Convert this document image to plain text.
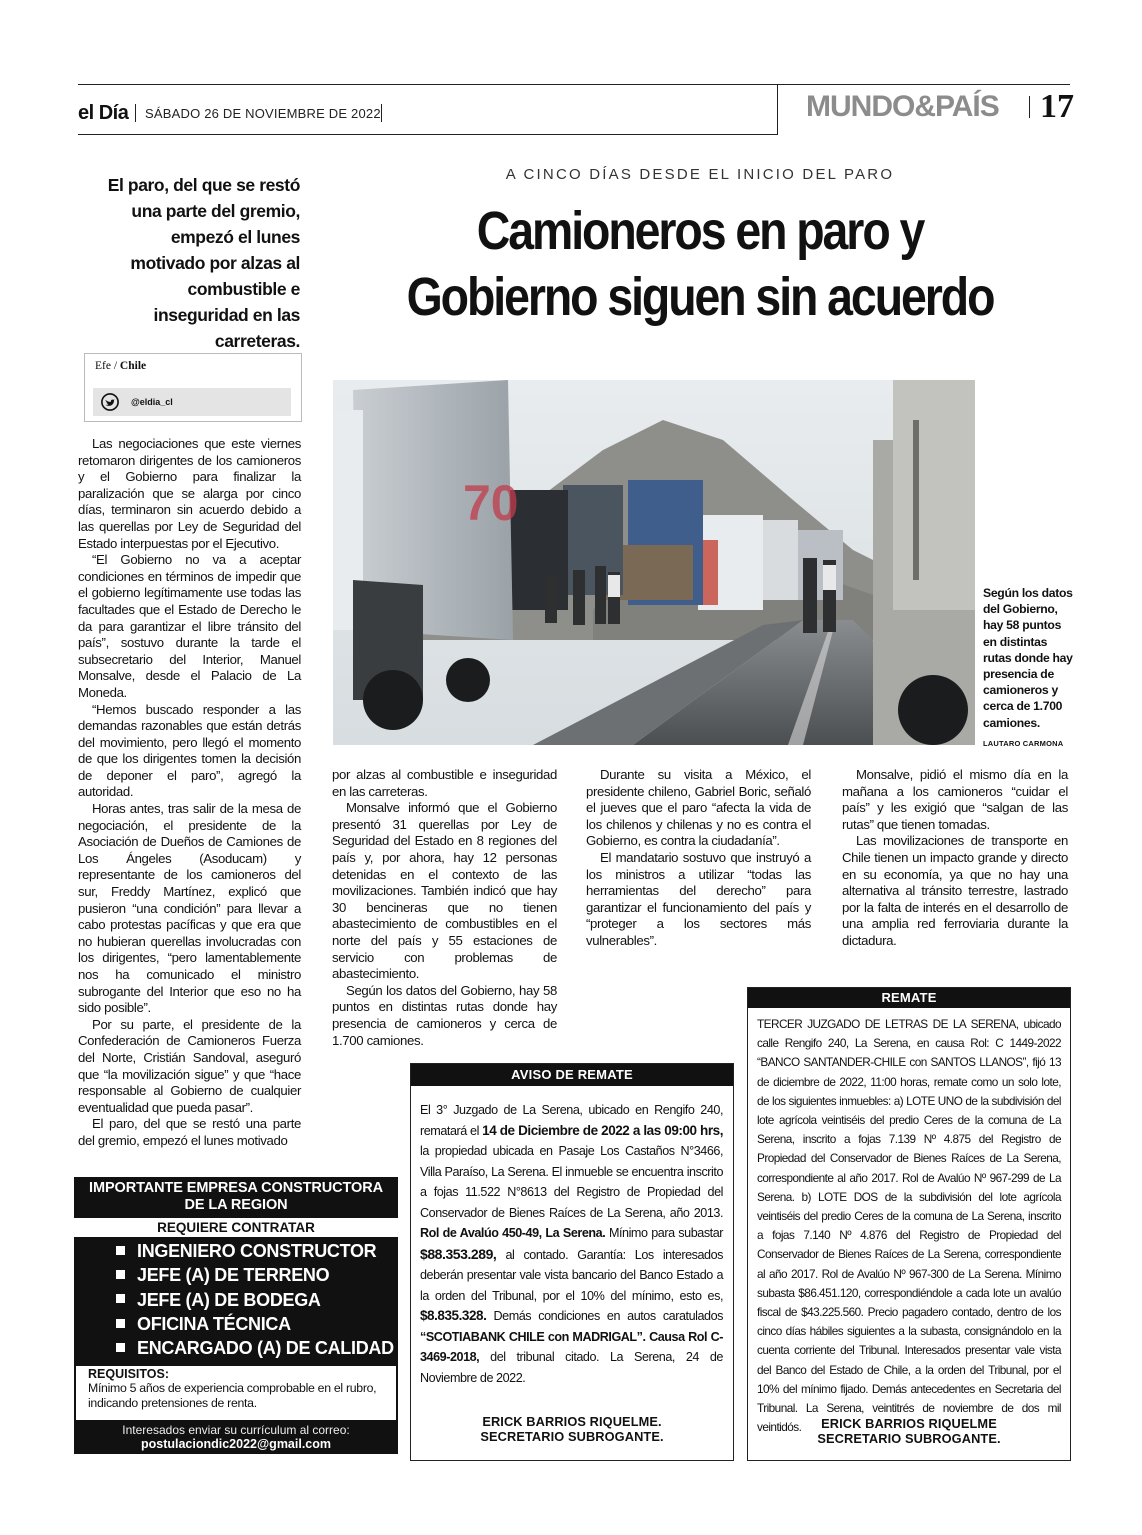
el Día SÁBADO 26 DE NOVIEMBRE DE 2022	MUNDO&PAÍS 17
El paro, del que se restó una parte del gremio, empezó el lunes motivado por alzas al combustible e inseguridad en las carreteras.
A CINCO DÍAS DESDE EL INICIO DEL PARO
Camioneros en paro y
Gobierno siguen sin acuerdo
Efe / Chile
@eldia_cl
70
Según los datos del Gobierno, hay 58 puntos en distintas rutas donde hay presencia de camioneros y cerca de 1.700 camiones.
LAUTARO CARMONA

Las negociaciones que este viernes retomaron dirigentes de los camioneros y el Gobierno para finalizar la paralización que se alarga por cinco días, terminaron sin acuerdo debido a las querellas por Ley de Seguridad del Estado interpuestas por el Ejecutivo.

“El Gobierno no va a aceptar condiciones en términos de impedir que el gobierno legítimamente use todas las facultades que el Estado de Derecho le da para garantizar el libre tránsito del país”, sostuvo durante la tarde el subsecretario del Interior, Manuel Monsalve, desde el Palacio de La Moneda.

“Hemos buscado responder a las demandas razonables que están detrás del movimiento, pero llegó el momento de que los dirigentes tomen la decisión de deponer el paro”, agregó la autoridad.

Horas antes, tras salir de la mesa de negociación, el presidente de la Asociación de Dueños de Camiones de Los Ángeles (Asoducam) y representante de los camioneros del sur, Freddy Martínez, explicó que pusieron “una condición” para llevar a cabo protestas pacíficas y que era que no hubieran querellas involucradas con los dirigentes, “pero lamentablemente nos ha comunicado el ministro subrogante del Interior que eso no ha sido posible”.

Por su parte, el presidente de la Confederación de Camioneros Fuerza del Norte, Cristián Sandoval, aseguró que “la movilización sigue” y que “hace responsable al Gobierno de cualquier eventualidad que pueda pasar”.

El paro, del que se restó una parte del gremio, empezó el lunes motivado

por alzas al combustible e inseguridad en las carreteras.

Monsalve informó que el Gobierno presentó 31 querellas por Ley de Seguridad del Estado en 8 regiones del país y, por ahora, hay 12 personas detenidas en el contexto de las movilizaciones. También indicó que hay 30 bencineras que no tienen abastecimiento de combustibles en el norte del país y 55 estaciones de servicio con problemas de abastecimiento.

Según los datos del Gobierno, hay 58 puntos en distintas rutas donde hay presencia de camioneros y cerca de 1.700 camiones.

Durante su visita a México, el presidente chileno, Gabriel Boric, señaló el jueves que el paro “afecta la vida de los chilenos y chilenas y no es contra el Gobierno, es contra la ciudadanía”.

El mandatario sostuvo que instruyó a los ministros a utilizar “todas las herramientas del derecho” para garantizar el funcionamiento del país y “proteger a los sectores más vulnerables”.

Monsalve, pidió el mismo día en la mañana a los camioneros “cuidar el país” y les exigió que “salgan de las rutas” que tienen tomadas.

Las movilizaciones de transporte en Chile tienen un impacto grande y directo en su economía, ya que no hay una alternativa al tránsito terrestre, lastrado por la falta de interés en el desarrollo de una amplia red ferroviaria durante la dictadura.

IMPORTANTE EMPRESA CONSTRUCTORA
DE LA REGION
REQUIERE CONTRATAR
INGENIERO CONSTRUCTOR
JEFE (A) DE TERRENO
JEFE (A) DE BODEGA
OFICINA TÉCNICA
ENCARGADO (A) DE CALIDAD
REQUISITOS:
Mínimo 5 años de experiencia comprobable en el rubro, indicando pretensiones de renta.
Interesados enviar su currículum al correo:
postulaciondic2022@gmail.com
AVISO DE REMATE
El 3° Juzgado de La Serena, ubicado en Rengifo 240, rematará el 14 de Diciembre de 2022 a las 09:00 hrs, la propiedad ubicada en Pasaje Los Castaños N°3466, Villa Paraíso, La Serena. El inmueble se encuentra inscrito a fojas 11.522 N°8613 del Registro de Propiedad del Conservador de Bienes Raíces de La Serena, año 2013. Rol de Avalúo 450-49, La Serena. Mínimo para subastar $88.353.289, al contado. Garantía: Los interesados deberán presentar vale vista bancario del Banco Estado a la orden del Tribunal, por el 10% del mínimo, esto es, $8.835.328. Demás condiciones en autos caratulados “SCOTIABANK CHILE con MADRIGAL”. Causa Rol C-3469-2018, del tribunal citado. La Serena, 24 de Noviembre de 2022.
ERICK BARRIOS RIQUELME.
SECRETARIO SUBROGANTE.
REMATE
TERCER JUZGADO DE LETRAS DE LA SERENA, ubicado calle Rengifo 240, La Serena, en causa Rol: C 1449-2022 “BANCO SANTANDER-CHILE con SANTOS LLANOS”, fijó 13 de diciembre de 2022, 11:00 horas, remate como un solo lote, de los siguientes inmuebles: a) LOTE UNO de la subdivisión del lote agrícola veintiséis del predio Ceres de la comuna de La Serena, inscrito a fojas 7.139 Nº 4.875 del Registro de Propiedad del Conservador de Bienes Raíces de La Serena, correspondiente al año 2017. Rol de Avalúo Nº 967-299 de La Serena. b) LOTE DOS de la subdivisión del lote agrícola veintiséis del predio Ceres de la comuna de La Serena, inscrito a fojas 7.140 Nº 4.876 del Registro de Propiedad del Conservador de Bienes Raíces de La Serena, correspondiente al año 2017. Rol de Avalúo Nº 967-300 de La Serena. Mínimo subasta $86.451.120, correspondiéndole a cada lote un avalúo fiscal de $43.225.560. Precio pagadero contado, dentro de los cinco días hábiles siguientes a la subasta, consignándolo en la cuenta corriente del Tribunal. Interesados presentar vale vista del Banco del Estado de Chile, a la orden del Tribunal, por el 10% del mínimo fijado. Demás antecedentes en Secretaria del Tribunal. La Serena, veintitrés de noviembre de dos mil veintidós.	ERICK BARRIOS RIQUELME
SECRETARIO SUBROGANTE.
